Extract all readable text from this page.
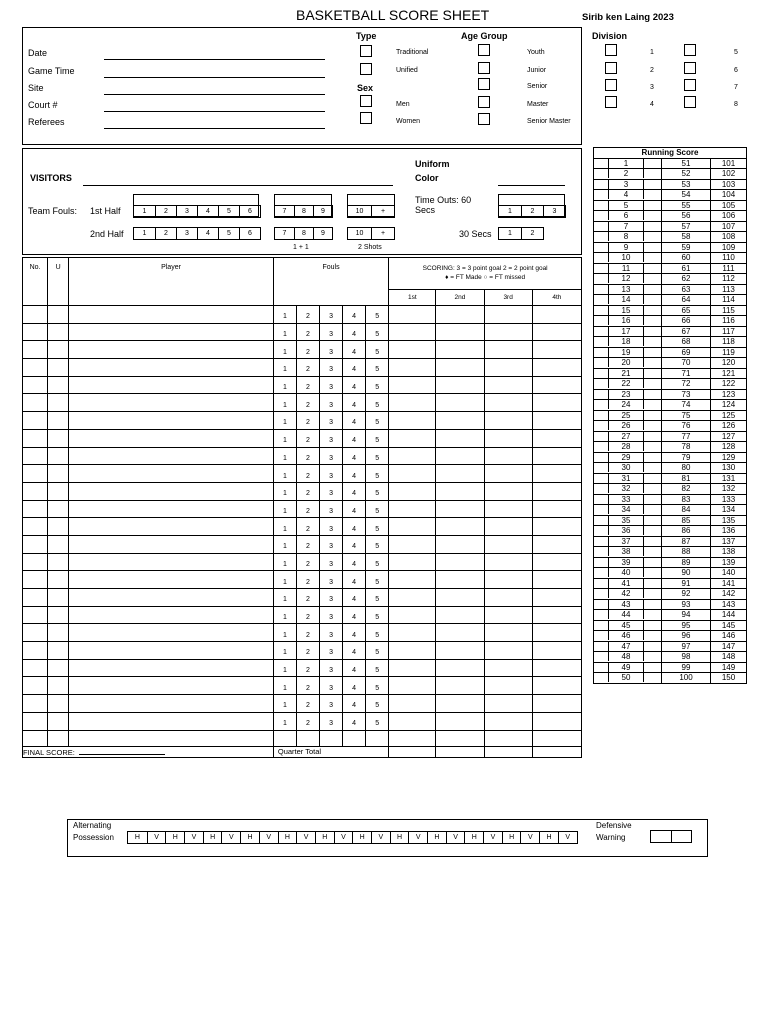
BASKETBALL SCORE SHEET	Sirib ken Laing 2023
Date
Game Time
Site
Court #
Referees
Type
Traditional
Unified
Sex
Men
Women
Age Group
Youth
Junior
Senior
Master
Senior Master
Division
1
2
3
4
5
6
7
8
VISITORS
Uniform
Color
Team Fouls: 1st Half
2nd Half
1	2	3	4	5	6	7	8	9	10	+
1	2	3	4	5	6	7	8	9	10	+
1 + 1	2 Shots
Time Outs: 60
Secs	1	2	3
30 Secs	1	2
No.	U	Player	Fouls					SCORING: 3 = 3 point goal 2 = 2 point goal
♦ = FT Made ○ = FT missed			

								1st	2nd	3rd	4th
			1	2	3	4	5				
			1	2	3	4	5				
			1	2	3	4	5				
			1	2	3	4	5				
			1	2	3	4	5				
			1	2	3	4	5				
			1	2	3	4	5				
			1	2	3	4	5				
			1	2	3	4	5				
			1	2	3	4	5				
			1	2	3	4	5				
			1	2	3	4	5				
			1	2	3	4	5				
			1	2	3	4	5				
			1	2	3	4	5				
			1	2	3	4	5				
			1	2	3	4	5				
			1	2	3	4	5				
			1	2	3	4	5				
			1	2	3	4	5				
			1	2	3	4	5				
			1	2	3	4	5				
			1	2	3	4	5				
			1	2	3	4	5				

FINAL SCORE:			Quarter Total								
Running Score		
1	51	101
2	52	102
3	53	103
4	54	104
5	55	105
6	56	106
7	57	107
8	58	108
9	59	109
10	60	110
11	61	111
12	62	112
13	63	113
14	64	114
15	65	115
16	66	116
17	67	117
18	68	118
19	69	119
20	70	120
21	71	121
22	72	122
23	73	123
24	74	124
25	75	125
26	76	126
27	77	127
28	78	128
29	79	129
30	80	130
31	81	131
32	82	132
33	83	133
34	84	134
35	85	135
36	86	136
37	87	137
38	88	138
39	89	139
40	90	140
41	91	141
42	92	142
43	93	143
44	94	144
45	95	145
46	96	146
47	97	147
48	98	148
49	99	149
50	100	150
Alternating
Possession	H	V	H	V	H	V	H	V	H	V	H	V	H	V	H	V	H	V	H	V	H	V	H	V
Defensive
Warning
